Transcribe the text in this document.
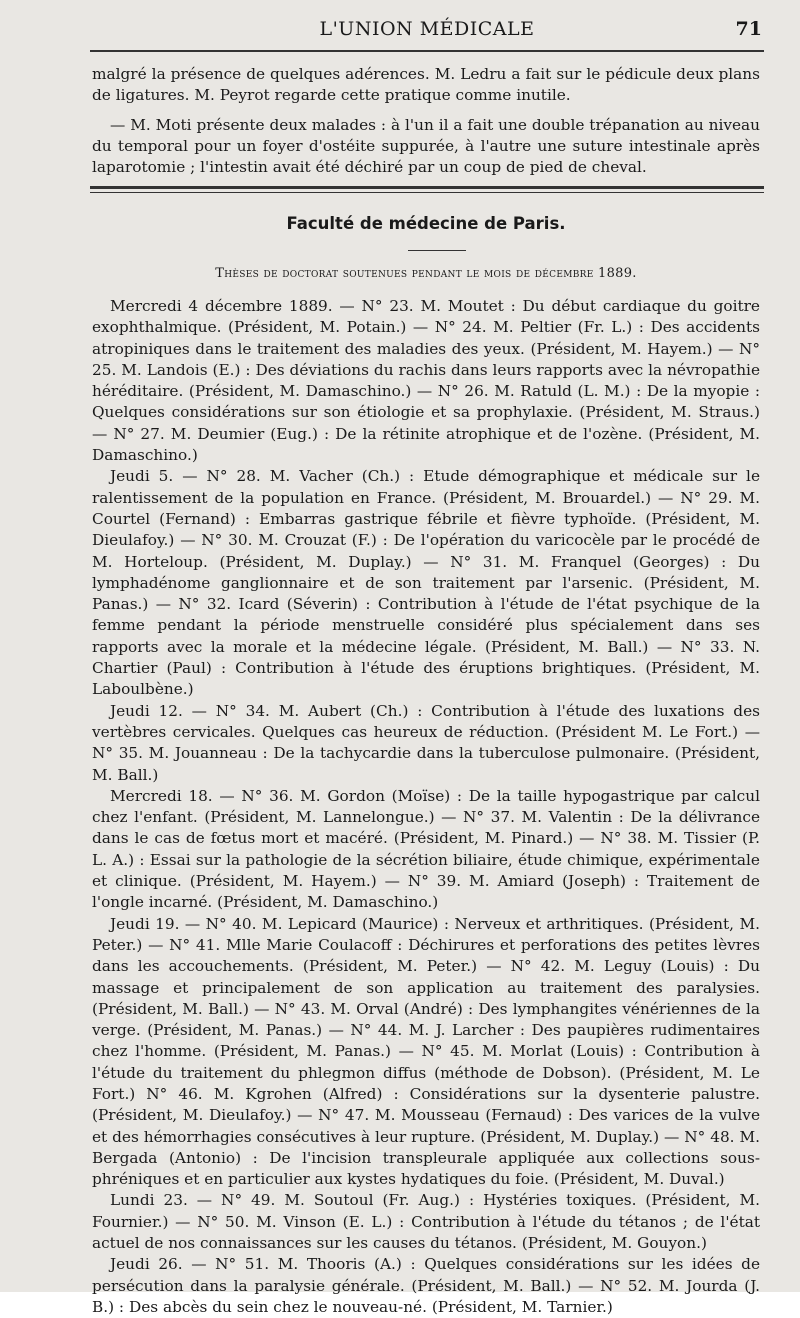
L'UNION MÉDICALE	71

malgré la présence de quelques adérences. M. Ledru a fait sur le pédicule deux plans de ligatures. M. Peyrot regarde cette pratique comme inutile.

— M. Moti présente deux malades : à l'un il a fait une double trépanation au niveau du temporal pour un foyer d'ostéite suppurée, à l'autre une suture intestinale après laparotomie ; l'intestin avait été déchiré par un coup de pied de cheval.

Faculté de médecine de Paris.
Thèses de doctorat soutenues pendant le mois de décembre 1889.

Mercredi 4 décembre 1889. — N° 23. M. Moutet : Du début cardiaque du goitre exophthalmique. (Président, M. Potain.) — N° 24. M. Peltier (Fr. L.) : Des accidents atropiniques dans le traitement des maladies des yeux. (Président, M. Hayem.) — N° 25. M. Landois (E.) : Des déviations du rachis dans leurs rapports avec la névropathie héréditaire. (Président, M. Damaschino.) — N° 26. M. Ratuld (L. M.) : De la myopie : Quelques considérations sur son étiologie et sa prophylaxie. (Président, M. Straus.) — N° 27. M. Deumier (Eug.) : De la rétinite atrophique et de l'ozène. (Président, M. Damaschino.)

Jeudi 5. — N° 28. M. Vacher (Ch.) : Etude démographique et médicale sur le ralentissement de la population en France. (Président, M. Brouardel.) — N° 29. M. Courtel (Fernand) : Embarras gastrique fébrile et fièvre typhoïde. (Président, M. Dieulafoy.) — N° 30. M. Crouzat (F.) : De l'opération du varicocèle par le procédé de M. Horteloup. (Président, M. Duplay.) — N° 31. M. Franquel (Georges) : Du lymphadénome ganglionnaire et de son traitement par l'arsenic. (Président, M. Panas.) — N° 32. Icard (Séverin) : Contribution à l'étude de l'état psychique de la femme pendant la période menstruelle considéré plus spécialement dans ses rapports avec la morale et la médecine légale. (Président, M. Ball.) — N° 33. N. Chartier (Paul) : Contribution à l'étude des éruptions brightiques. (Président, M. Laboulbène.)

Jeudi 12. — N° 34. M. Aubert (Ch.) : Contribution à l'étude des luxations des vertèbres cervicales. Quelques cas heureux de réduction. (Président M. Le Fort.) — N° 35. M. Jouanneau : De la tachycardie dans la tuberculose pulmonaire. (Président, M. Ball.)

Mercredi 18. — N° 36. M. Gordon (Moïse) : De la taille hypogastrique par calcul chez l'enfant. (Président, M. Lannelongue.) — N° 37. M. Valentin : De la délivrance dans le cas de fœtus mort et macéré. (Président, M. Pinard.) — N° 38. M. Tissier (P. L. A.) : Essai sur la pathologie de la sécrétion biliaire, étude chimique, expérimentale et clinique. (Président, M. Hayem.) — N° 39. M. Amiard (Joseph) : Traitement de l'ongle incarné. (Président, M. Damaschino.)

Jeudi 19. — N° 40. M. Lepicard (Maurice) : Nerveux et arthritiques. (Président, M. Peter.) — N° 41. Mlle Marie Coulacoff : Déchirures et perforations des petites lèvres dans les accouchements. (Président, M. Peter.) — N° 42. M. Leguy (Louis) : Du massage et principalement de son application au traitement des paralysies. (Président, M. Ball.) — N° 43. M. Orval (André) : Des lymphangites vénériennes de la verge. (Président, M. Panas.) — N° 44. M. J. Larcher : Des paupières rudimentaires chez l'homme. (Président, M. Panas.) — N° 45. M. Morlat (Louis) : Contribution à l'étude du traitement du phlegmon diffus (méthode de Dobson). (Président, M. Le Fort.) N° 46. M. Kgrohen (Alfred) : Considérations sur la dysenterie palustre. (Président, M. Dieulafoy.) — N° 47. M. Mousseau (Fernaud) : Des varices de la vulve et des hémorrhagies consécutives à leur rupture. (Président, M. Duplay.) — N° 48. M. Bergada (Antonio) : De l'incision transpleurale appliquée aux collections sous-phréniques et en particulier aux kystes hydatiques du foie. (Président, M. Duval.)

Lundi 23. — N° 49. M. Soutoul (Fr. Aug.) : Hystéries toxiques. (Président, M. Fournier.) — N° 50. M. Vinson (E. L.) : Contribution à l'étude du tétanos ; de l'état actuel de nos connaissances sur les causes du tétanos. (Président, M. Gouyon.)

Jeudi 26. — N° 51. M. Thooris (A.) : Quelques considérations sur les idées de persécution dans la paralysie générale. (Président, M. Ball.) — N° 52. M. Jourda (J. B.) : Des abcès du sein chez le nouveau-né. (Président, M. Tarnier.)
